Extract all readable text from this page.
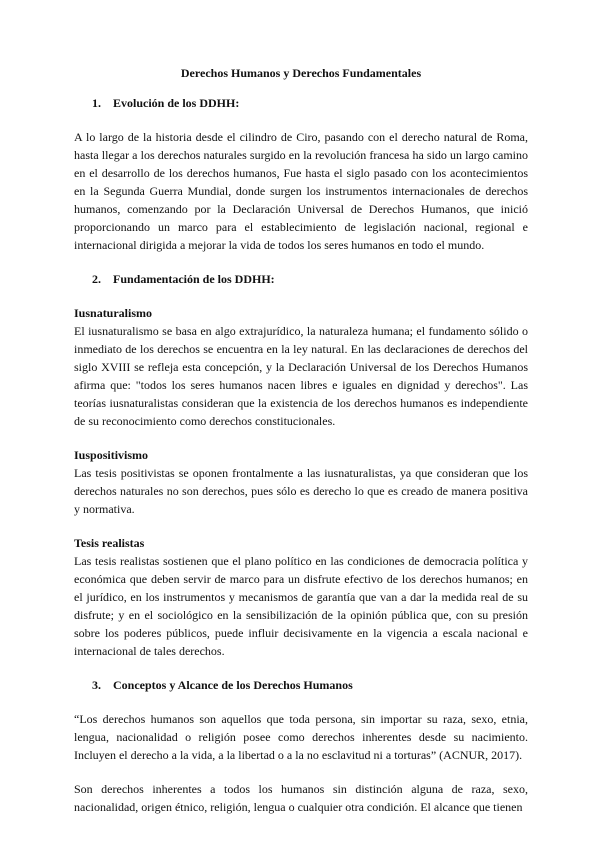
Derechos Humanos y Derechos Fundamentales
1. Evolución de los DDHH:

A lo largo de la historia desde el cilindro de Ciro, pasando con el derecho natural de Roma, hasta llegar a los derechos naturales surgido en la revolución francesa ha sido un largo camino en el desarrollo de los derechos humanos, Fue hasta el siglo pasado con los acontecimientos en la Segunda Guerra Mundial, donde surgen los instrumentos internacionales de derechos humanos, comenzando por la Declaración Universal de Derechos Humanos, que inició proporcionando un marco para el establecimiento de legislación nacional, regional e internacional dirigida a mejorar la vida de todos los seres humanos en todo el mundo.

2. Fundamentación de los DDHH:
Iusnaturalismo

El iusnaturalismo se basa en algo extrajurídico, la naturaleza humana; el fundamento sólido o inmediato de los derechos se encuentra en la ley natural. En las declaraciones de derechos del siglo XVIII se refleja esta concepción, y la Declaración Universal de los Derechos Humanos afirma que: "todos los seres humanos nacen libres e iguales en dignidad y derechos". Las teorías iusnaturalistas consideran que la existencia de los derechos humanos es independiente de su reconocimiento como derechos constitucionales.

Iuspositivismo

Las tesis positivistas se oponen frontalmente a las iusnaturalistas, ya que consideran que los derechos naturales no son derechos, pues sólo es derecho lo que es creado de manera positiva y normativa.

Tesis realistas

Las tesis realistas sostienen que el plano político en las condiciones de democracia política y económica que deben servir de marco para un disfrute efectivo de los derechos humanos; en el jurídico, en los instrumentos y mecanismos de garantía que van a dar la medida real de su disfrute; y en el sociológico en la sensibilización de la opinión pública que, con su presión sobre los poderes públicos, puede influir decisivamente en la vigencia a escala nacional e internacional de tales derechos.

3. Conceptos y Alcance de los Derechos Humanos

“Los derechos humanos son aquellos que toda persona, sin importar su raza, sexo, etnia, lengua, nacionalidad o religión posee como derechos inherentes desde su nacimiento. Incluyen el derecho a la vida, a la libertad o a la no esclavitud ni a torturas” (ACNUR, 2017).

Son derechos inherentes a todos los humanos sin distinción alguna de raza, sexo, nacionalidad, origen étnico, religión, lengua o cualquier otra condición. El alcance que tienen
